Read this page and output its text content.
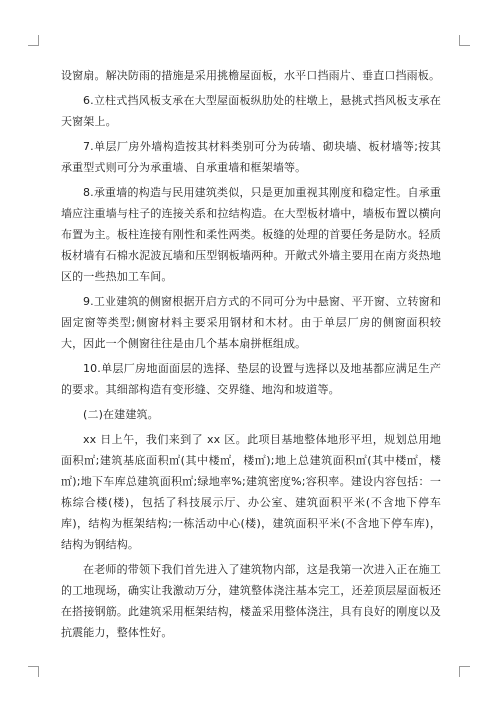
设窗扇。解决防雨的措施是采用挑檐屋面板，水平口挡雨片、垂直口挡雨板。

6.立柱式挡风板支承在大型屋面板纵肋处的柱墩上，悬挑式挡风板支承在天窗架上。

7.单层厂房外墙构造按其材料类别可分为砖墙、砌块墙、板材墙等;按其承重型式则可分为承重墙、自承重墙和框架墙等。

8.承重墙的构造与民用建筑类似，只是更加重视其刚度和稳定性。自承重墙应注重墙与柱子的连接关系和拉结构造。在大型板材墙中，墙板布置以横向布置为主。板柱连接有刚性和柔性两类。板缝的处理的首要任务是防水。轻质板材墙有石棉水泥波瓦墙和压型钢板墙两种。开敞式外墙主要用在南方炎热地区的一些热加工车间。

9.工业建筑的侧窗根据开启方式的不同可分为中悬窗、平开窗、立转窗和固定窗等类型;侧窗材料主要采用钢材和木材。由于单层厂房的侧窗面积较大，因此一个侧窗往往是由几个基本扇拼框组成。

10.单层厂房地面面层的选择、垫层的设置与选择以及地基都应满足生产的要求。其细部构造有变形缝、交界缝、地沟和坡道等。

(二)在建建筑。

xx 日上午，我们来到了 xx 区。此项目基地整体地形平坦，规划总用地面积㎡;建筑基底面积㎡(其中楼㎡，楼㎡);地上总建筑面积㎡(其中楼㎡，楼㎡);地下车库总建筑面积㎡;绿地率%;建筑密度%;容积率。建设内容包括：一栋综合楼(楼)，包括了科技展示厅、办公室、建筑面积平米(不含地下停车库)，结构为框架结构;一栋活动中心(楼)，建筑面积平米(不含地下停车库)，结构为钢结构。

在老师的带领下我们首先进入了建筑物内部，这是我第一次进入正在施工的工地现场，确实让我激动万分，建筑整体浇注基本完工，还差顶层屋面板还在搭接钢筋。此建筑采用框架结构，楼盖采用整体浇注，具有良好的刚度以及抗震能力，整体性好。
